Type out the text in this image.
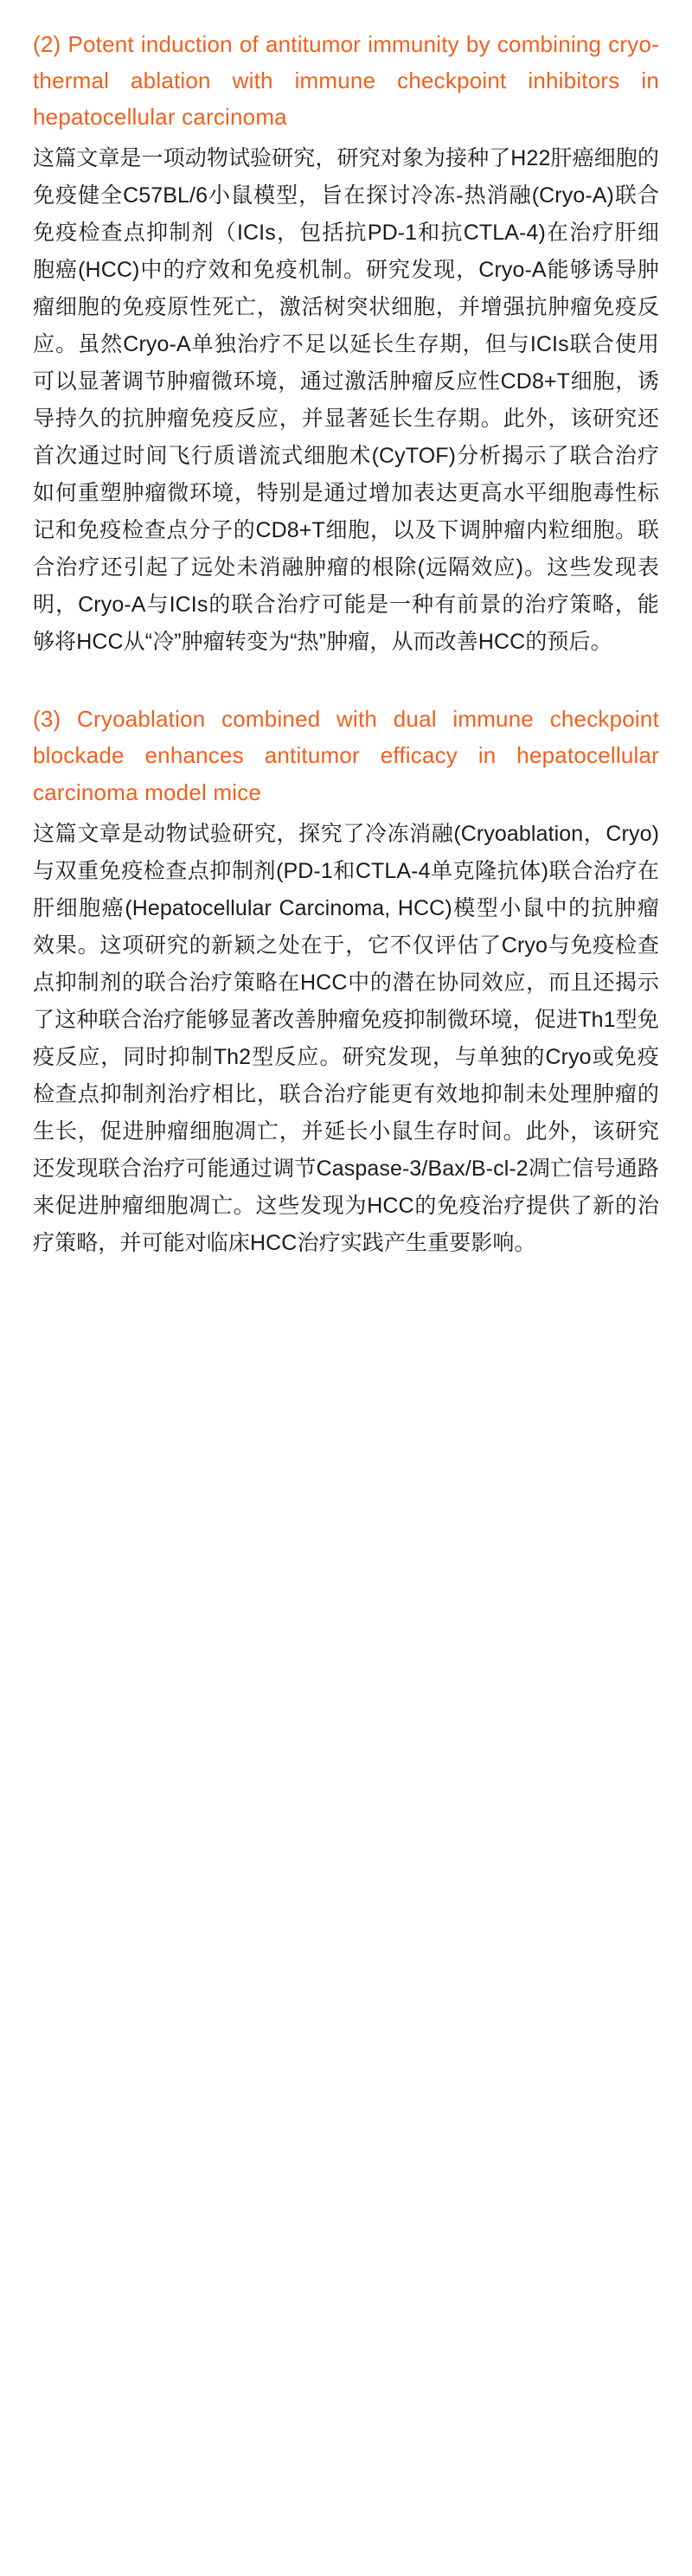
(2) Potent induction of antitumor immunity by combining cryo-thermal ablation with immune checkpoint inhibitors in hepatocellular carcinoma

这篇文章是一项动物试验研究，研究对象为接种了H22肝癌细胞的免疫健全C57BL/6小鼠模型，旨在探讨冷冻-热消融(Cryo-A)联合免疫检查点抑制剂（ICIs，包括抗PD-1和抗CTLA-4)在治疗肝细胞癌(HCC)中的疗效和免疫机制。研究发现，Cryo-A能够诱导肿瘤细胞的免疫原性死亡，激活树突状细胞，并增强抗肿瘤免疫反应。虽然Cryo-A单独治疗不足以延长生存期，但与ICIs联合使用可以显著调节肿瘤微环境，通过激活肿瘤反应性CD8+T细胞，诱导持久的抗肿瘤免疫反应，并显著延长生存期。此外，该研究还首次通过时间飞行质谱流式细胞术(CyTOF)分析揭示了联合治疗如何重塑肿瘤微环境，特别是通过增加表达更高水平细胞毒性标记和免疫检查点分子的CD8+T细胞，以及下调肿瘤内粒细胞。联合治疗还引起了远处未消融肿瘤的根除(远隔效应)。这些发现表明，Cryo-A与ICIs的联合治疗可能是一种有前景的治疗策略，能够将HCC从“冷”肿瘤转变为“热”肿瘤，从而改善HCC的预后。

(3) Cryoablation combined with dual immune checkpoint blockade enhances antitumor efficacy in hepatocellular carcinoma model mice

这篇文章是动物试验研究，探究了冷冻消融(Cryoablation，Cryo)与双重免疫检查点抑制剂(PD-1和CTLA-4单克隆抗体)联合治疗在肝细胞癌(Hepatocellular Carcinoma, HCC)模型小鼠中的抗肿瘤效果。这项研究的新颖之处在于，它不仅评估了Cryo与免疫检查点抑制剂的联合治疗策略在HCC中的潜在协同效应，而且还揭示了这种联合治疗能够显著改善肿瘤免疫抑制微环境，促进Th1型免疫反应，同时抑制Th2型反应。研究发现，与单独的Cryo或免疫检查点抑制剂治疗相比，联合治疗能更有效地抑制未处理肿瘤的生长，促进肿瘤细胞凋亡，并延长小鼠生存时间。此外，该研究还发现联合治疗可能通过调节Caspase-3/Bax/B-cl-2凋亡信号通路来促进肿瘤细胞凋亡。这些发现为HCC的免疫治疗提供了新的治疗策略，并可能对临床HCC治疗实践产生重要影响。
